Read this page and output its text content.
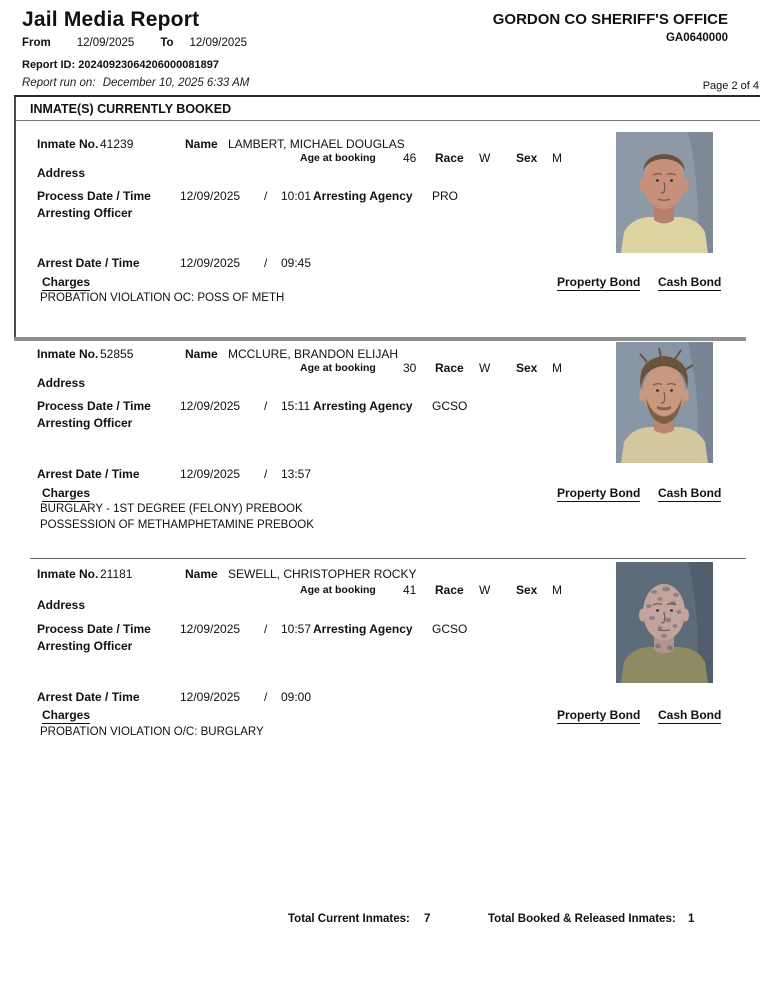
Jail Media Report
From 12/09/2025 To 12/09/2025
GORDON CO SHERIFF'S OFFICE
GA0640000
Report ID: 20240923064206000081897
Report run on: December 10, 2025 6:33 AM	Page 2 of 4
INMATE(S) CURRENTLY BOOKED
Inmate No. 41239	Name LAMBERT, MICHAEL DOUGLAS
Age at booking 46 Race W Sex M
Address
Process Date / Time 12/09/2025 / 10:01 Arresting Agency PRO
Arresting Officer
Arrest Date / Time	12/09/2025 / 09:45
Charges	Property Bond Cash Bond
PROBATION VIOLATION OC: POSS OF METH
Inmate No. 52855	Name MCCLURE, BRANDON ELIJAH
Age at booking 30 Race W Sex M
Address
Process Date / Time 12/09/2025 / 15:11 Arresting Agency GCSO
Arresting Officer
Arrest Date / Time	12/09/2025 / 13:57
Charges	Property Bond Cash Bond
BURGLARY - 1ST DEGREE (FELONY) PREBOOK
POSSESSION OF METHAMPHETAMINE PREBOOK
Inmate No. 21181	Name SEWELL, CHRISTOPHER ROCKY
Age at booking 41 Race W Sex M
Address
Process Date / Time 12/09/2025 / 10:57 Arresting Agency GCSO
Arresting Officer
Arrest Date / Time	12/09/2025 / 09:00
Charges	Property Bond Cash Bond
PROBATION VIOLATION O/C: BURGLARY
Total Current Inmates: 7	Total Booked & Released Inmates: 1
